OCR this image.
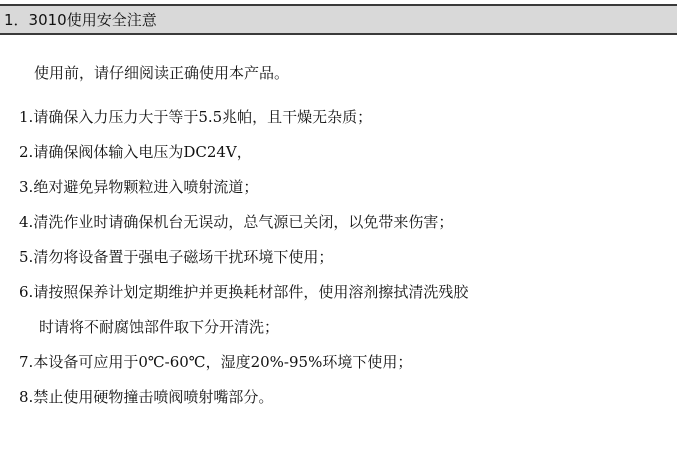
1．3010使用安全注意
使用前，请仔细阅读正确使用本产品。
1.请确保入力压力大于等于5.5兆帕，且干燥无杂质；
2.请确保阀体输入电压为DC24V，
3.绝对避免异物颗粒进入喷射流道；
4.清洗作业时请确保机台无误动，总气源已关闭，以免带来伤害；
5.清勿将设备置于强电子磁场干扰环境下使用；
6.请按照保养计划定期维护并更换耗材部件，使用溶剂擦拭清洗残胶
时请将不耐腐蚀部件取下分开清洗；
7.本设备可应用于0℃-60℃，湿度20%-95%环境下使用；
8.禁止使用硬物撞击喷阀喷射嘴部分。
